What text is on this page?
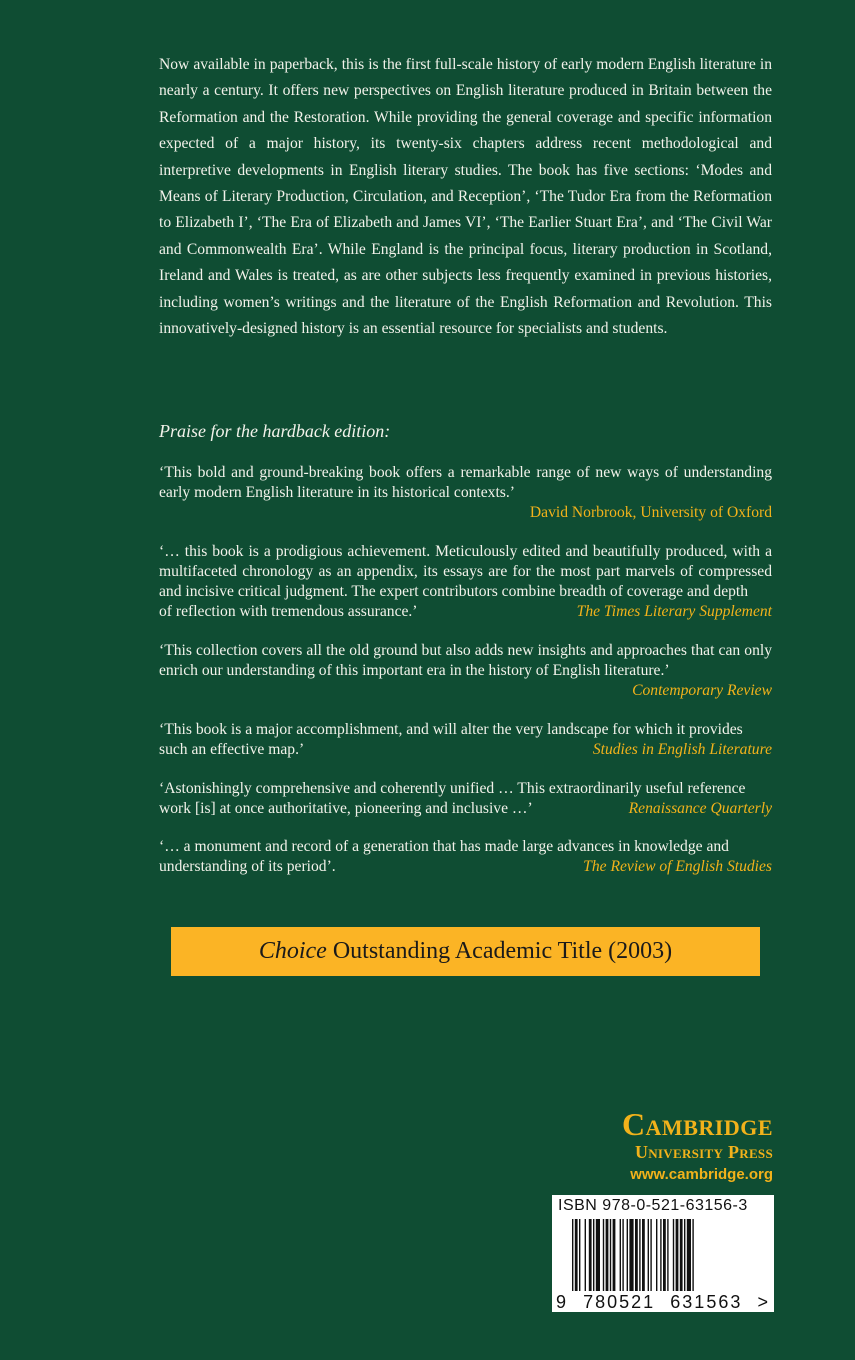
Now available in paperback, this is the first full-scale history of early modern English literature in nearly a century. It offers new perspectives on English literature produced in Britain between the Reformation and the Restoration. While providing the general coverage and specific information expected of a major history, its twenty-six chapters address recent methodological and interpretive developments in English literary studies. The book has five sections: ‘Modes and Means of Literary Production, Circulation, and Reception’, ‘The Tudor Era from the Reformation to Elizabeth I’, ‘The Era of Elizabeth and James VI’, ‘The Earlier Stuart Era’, and ‘The Civil War and Commonwealth Era’. While England is the principal focus, literary production in Scotland, Ireland and Wales is treated, as are other subjects less frequently examined in previous histories, including women’s writings and the literature of the English Reformation and Revolution. This innovatively-designed history is an essential resource for specialists and students.

Praise for the hardback edition:

‘This bold and ground-breaking book offers a remarkable range of new ways of understanding early modern English literature in its historical contexts.’

David Norbrook, University of Oxford

‘… this book is a prodigious achievement. Meticulously edited and beautifully produced, with a multifaceted chronology as an appendix, its essays are for the most part marvels of compressed and incisive critical judgment. The expert contributors combine breadth of coverage and depth

of reflection with tremendous assurance.’	The Times Literary Supplement

‘This collection covers all the old ground but also adds new insights and approaches that can only enrich our understanding of this important era in the history of English literature.’

Contemporary Review

‘This book is a major accomplishment, and will alter the very landscape for which it provides

such an effective map.’	Studies in English Literature

‘Astonishingly comprehensive and coherently unified … This extraordinarily useful reference

work [is] at once authoritative, pioneering and inclusive …’	Renaissance Quarterly

‘… a monument and record of a generation that has made large advances in knowledge and

understanding of its period’.	The Review of English Studies
Choice Outstanding Academic Title (2003)

Cambridge

University Press

www.cambridge.org

ISBN 978-0-521-63156-3
9 780521 631563 >
